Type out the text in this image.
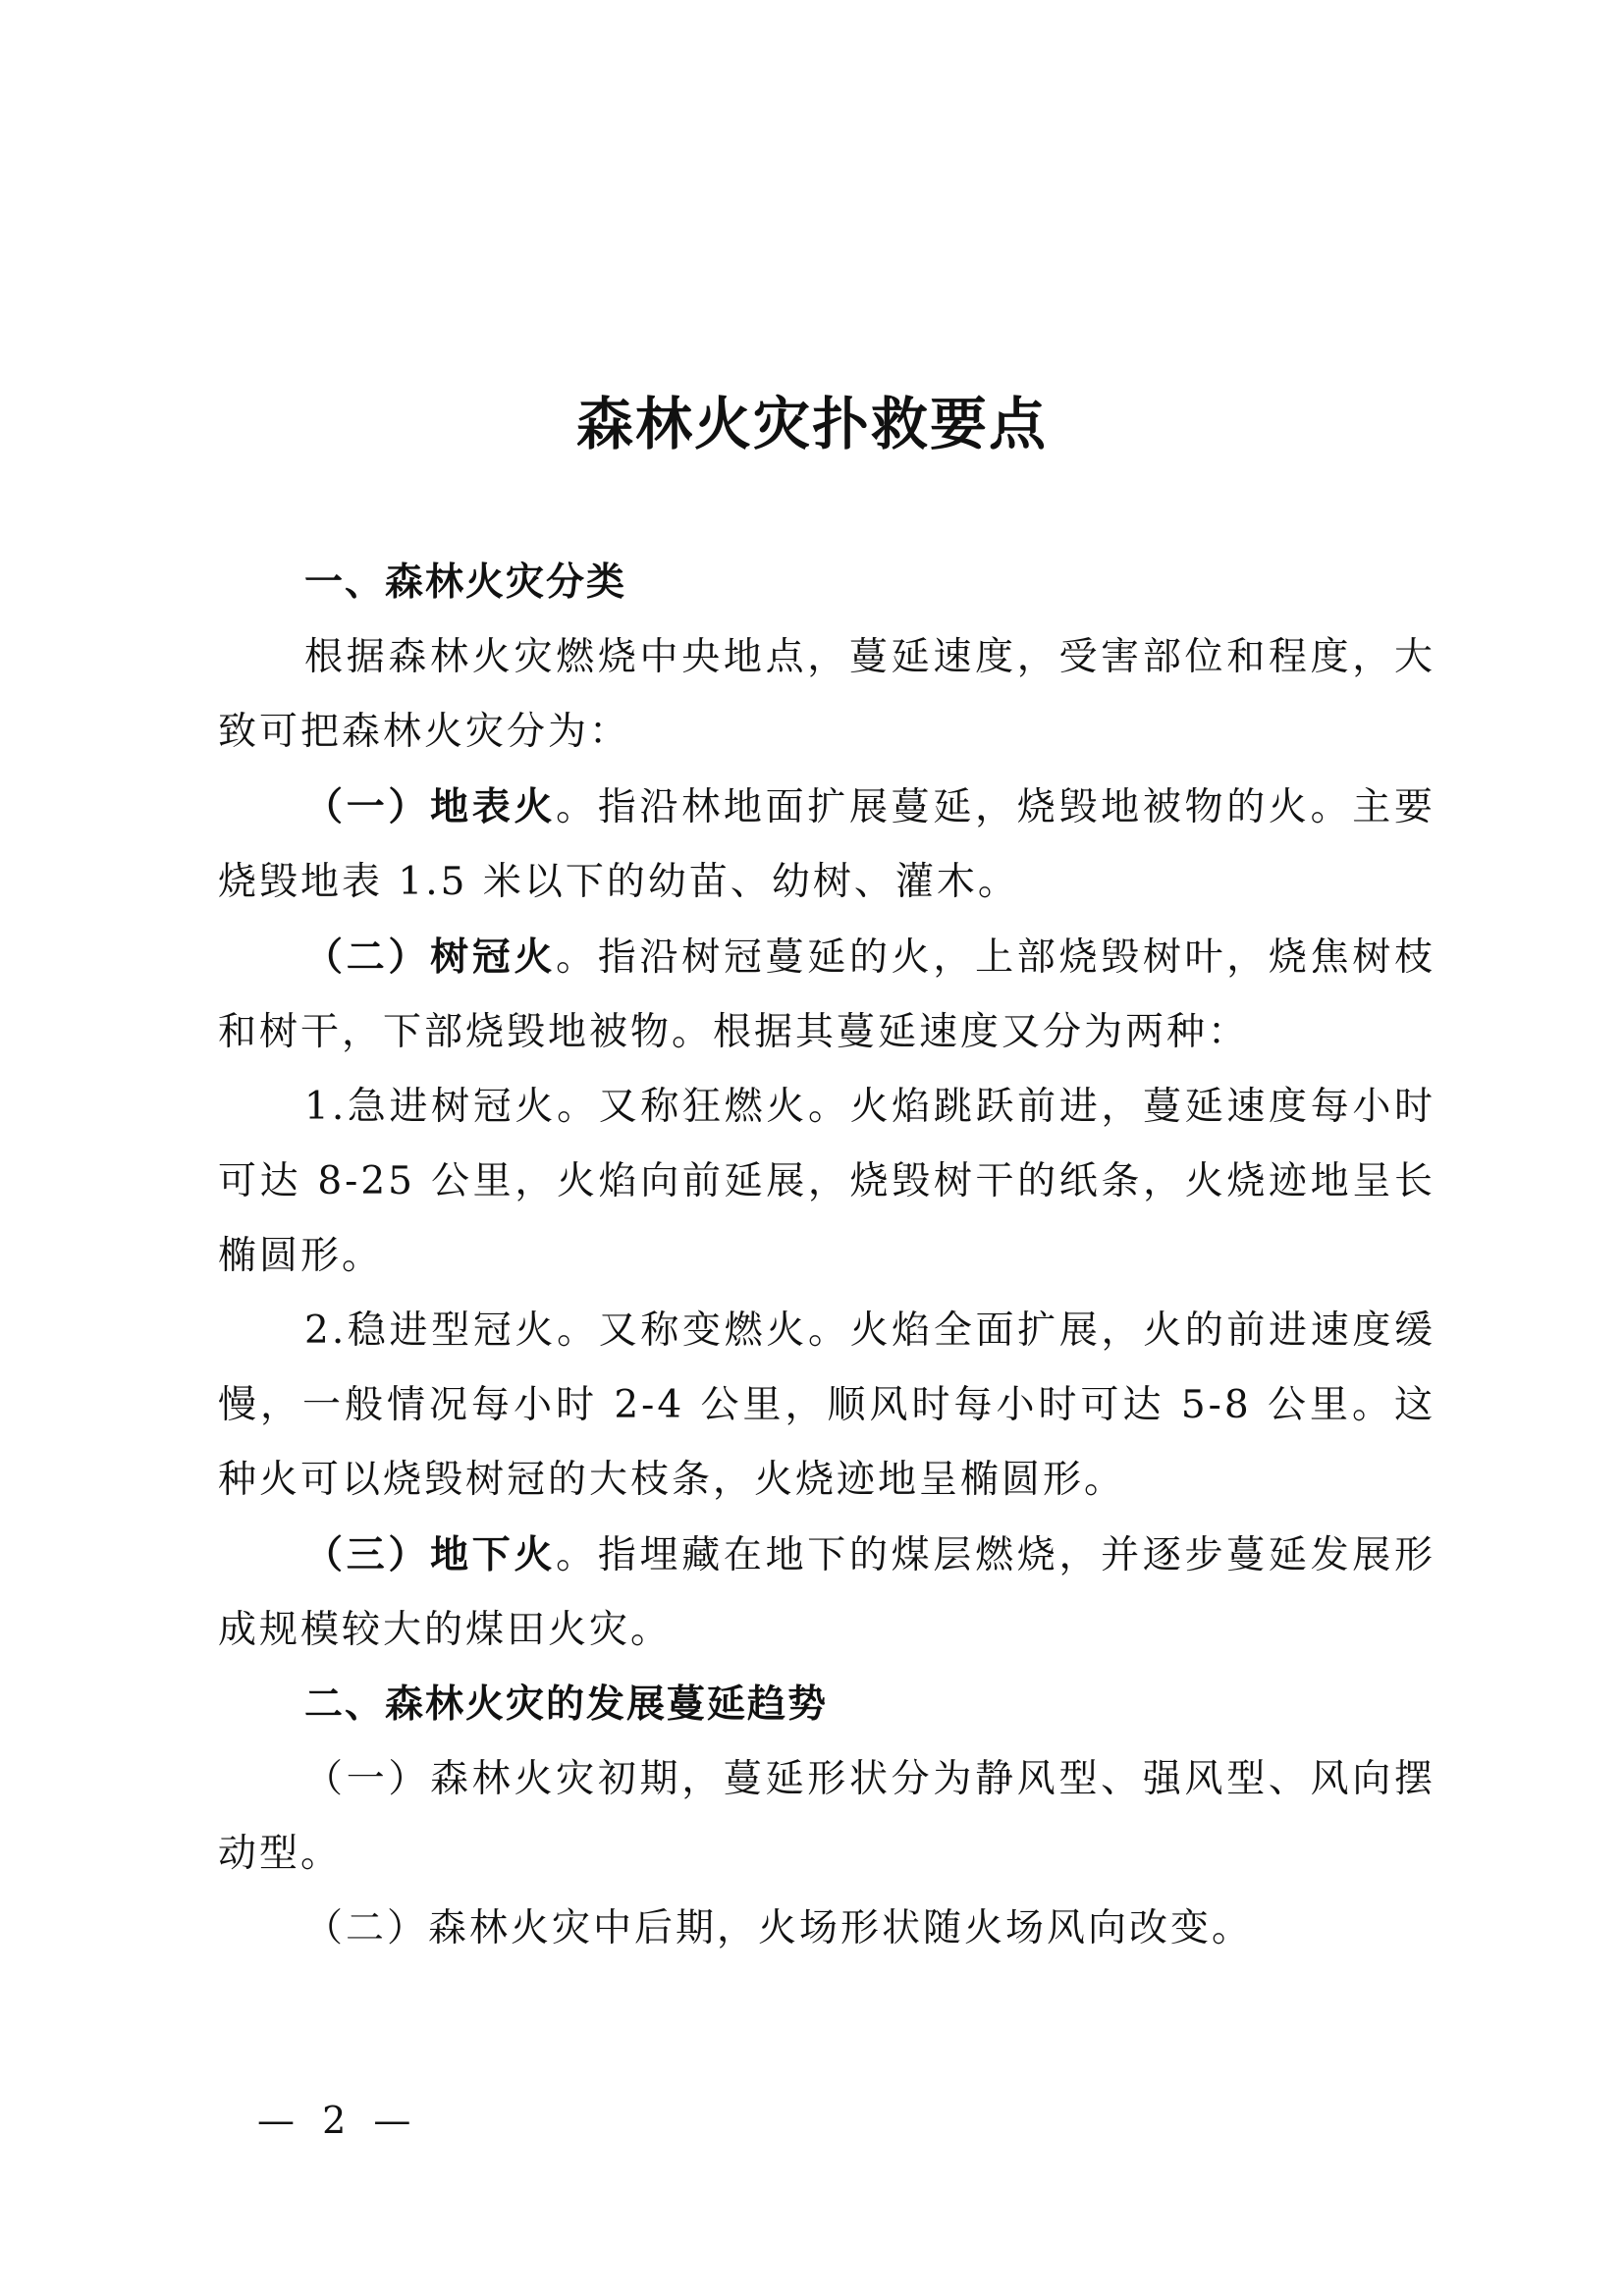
森林火灾扑救要点
一、森林火灾分类

根据森林火灾燃烧中央地点，蔓延速度，受害部位和程度，大致可把森林火灾分为：

（一）地表火。指沿林地面扩展蔓延，烧毁地被物的火。主要烧毁地表 1.5 米以下的幼苗、幼树、灌木。

（二）树冠火。指沿树冠蔓延的火，上部烧毁树叶，烧焦树枝和树干，下部烧毁地被物。根据其蔓延速度又分为两种：

1.急进树冠火。又称狂燃火。火焰跳跃前进，蔓延速度每小时可达 8-25 公里，火焰向前延展，烧毁树干的纸条，火烧迹地呈长椭圆形。

2.稳进型冠火。又称变燃火。火焰全面扩展，火的前进速度缓慢，一般情况每小时 2-4 公里，顺风时每小时可达 5-8 公里。这种火可以烧毁树冠的大枝条，火烧迹地呈椭圆形。

（三）地下火。指埋藏在地下的煤层燃烧，并逐步蔓延发展形成规模较大的煤田火灾。

二、森林火灾的发展蔓延趋势

（一）森林火灾初期，蔓延形状分为静风型、强风型、风向摆动型。

（二）森林火灾中后期，火场形状随火场风向改变。

— 2 —
